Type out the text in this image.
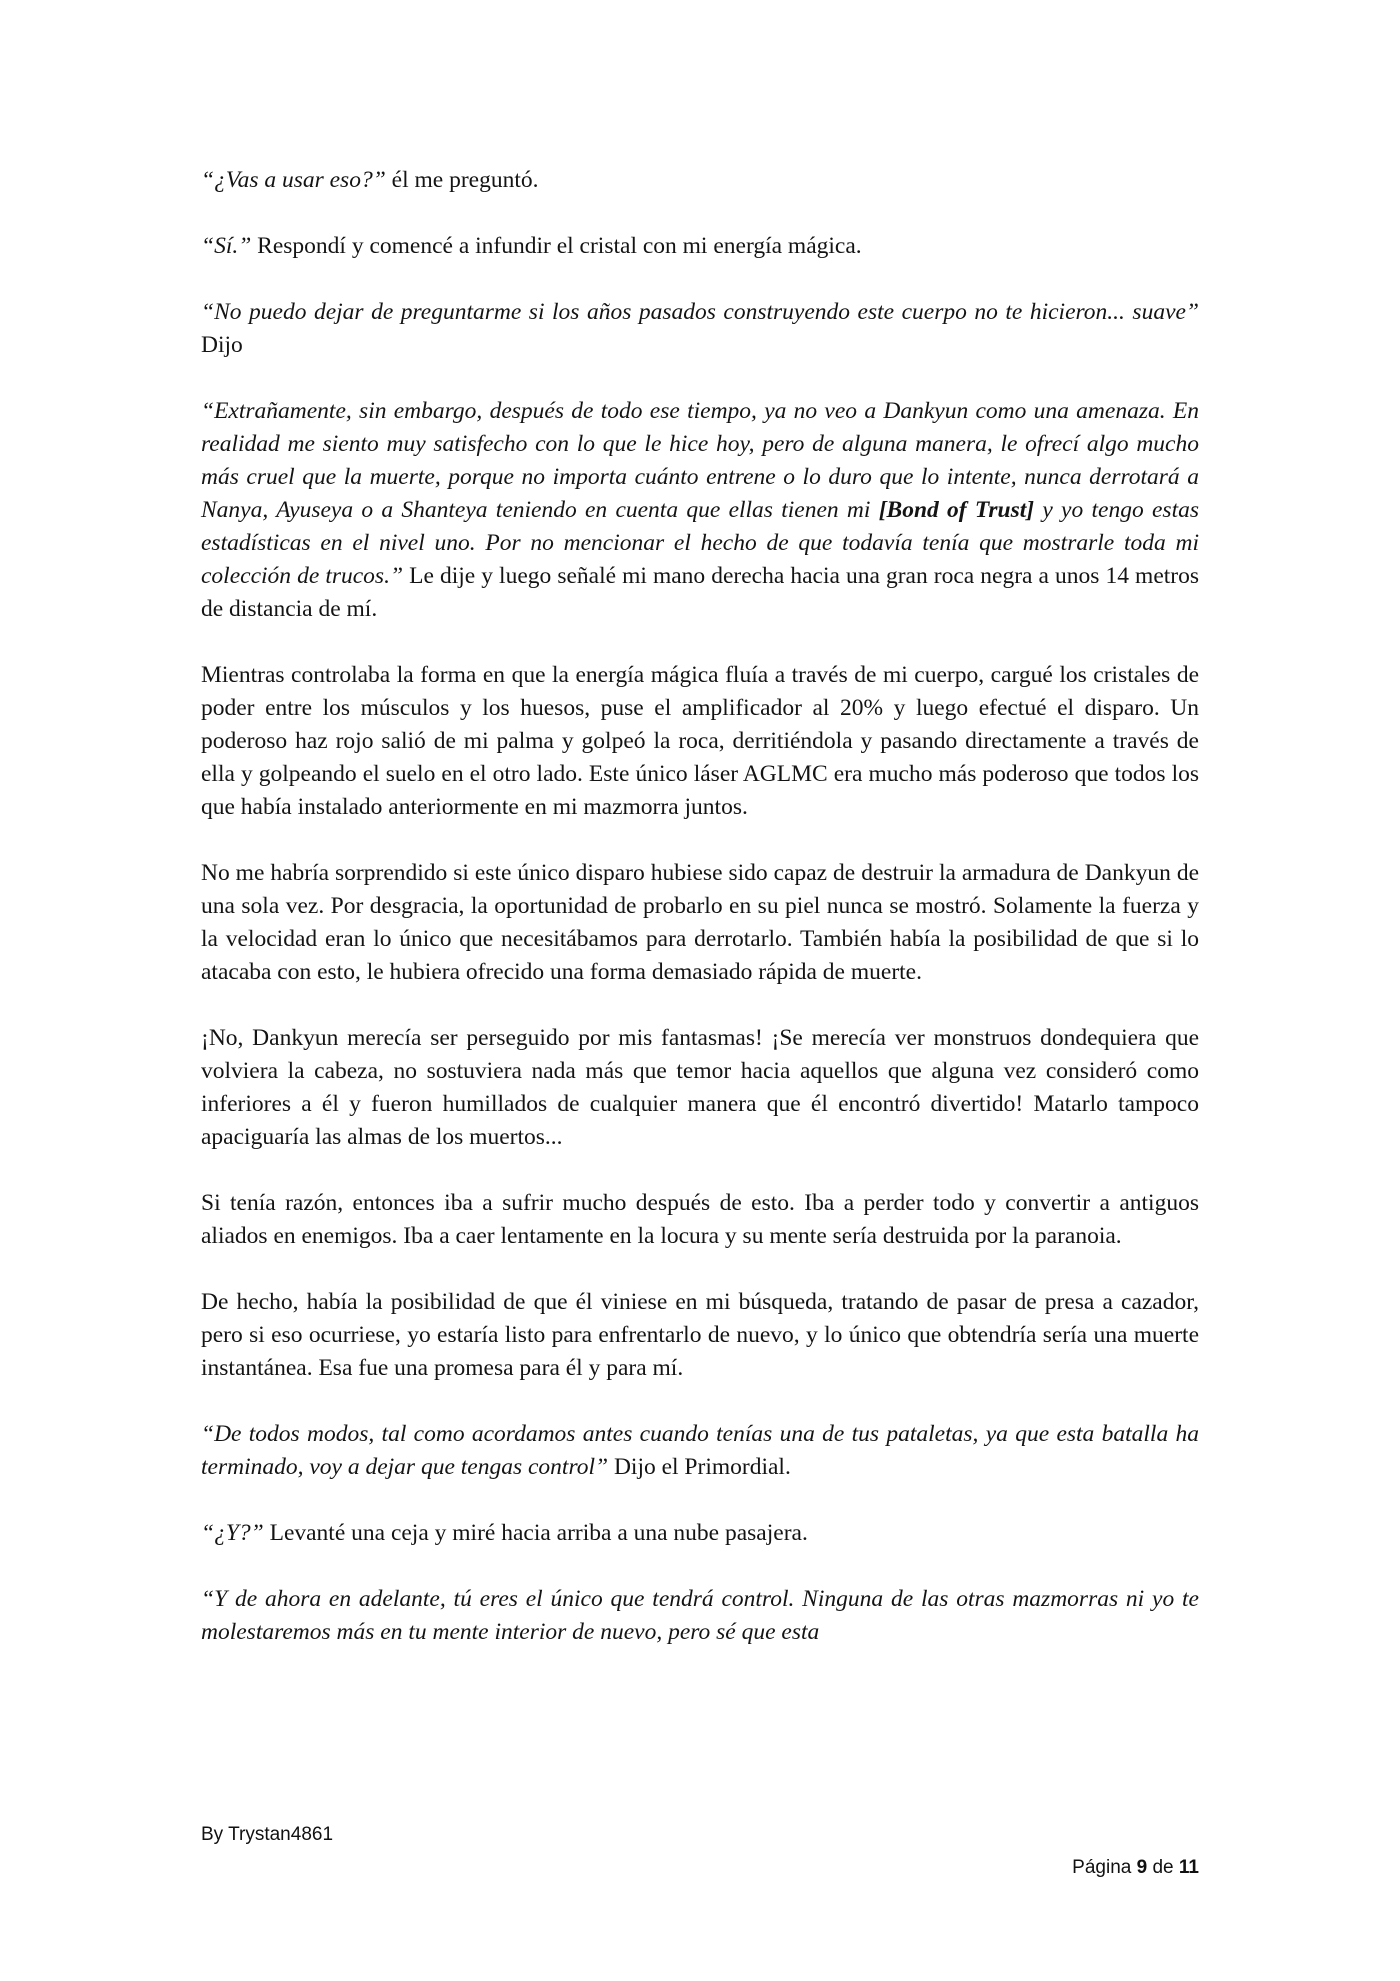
“¿Vas a usar eso?” él me preguntó.

“Sí.” Respondí y comencé a infundir el cristal con mi energía mágica.

“No puedo dejar de preguntarme si los años pasados construyendo este cuerpo no te hicieron... suave” Dijo

“Extrañamente, sin embargo, después de todo ese tiempo, ya no veo a Dankyun como una amenaza. En realidad me siento muy satisfecho con lo que le hice hoy, pero de alguna manera, le ofrecí algo mucho más cruel que la muerte, porque no importa cuánto entrene o lo duro que lo intente, nunca derrotará a Nanya, Ayuseya o a Shanteya teniendo en cuenta que ellas tienen mi [Bond of Trust] y yo tengo estas estadísticas en el nivel uno. Por no mencionar el hecho de que todavía tenía que mostrarle toda mi colección de trucos.” Le dije y luego señalé mi mano derecha hacia una gran roca negra a unos 14 metros de distancia de mí.

Mientras controlaba la forma en que la energía mágica fluía a través de mi cuerpo, cargué los cristales de poder entre los músculos y los huesos, puse el amplificador al 20% y luego efectué el disparo. Un poderoso haz rojo salió de mi palma y golpeó la roca, derritiéndola y pasando directamente a través de ella y golpeando el suelo en el otro lado. Este único láser AGLMC era mucho más poderoso que todos los que había instalado anteriormente en mi mazmorra juntos.

No me habría sorprendido si este único disparo hubiese sido capaz de destruir la armadura de Dankyun de una sola vez. Por desgracia, la oportunidad de probarlo en su piel nunca se mostró. Solamente la fuerza y la velocidad eran lo único que necesitábamos para derrotarlo. También había la posibilidad de que si lo atacaba con esto, le hubiera ofrecido una forma demasiado rápida de muerte.

¡No, Dankyun merecía ser perseguido por mis fantasmas! ¡Se merecía ver monstruos dondequiera que volviera la cabeza, no sostuviera nada más que temor hacia aquellos que alguna vez consideró como inferiores a él y fueron humillados de cualquier manera que él encontró divertido! Matarlo tampoco apaciguaría las almas de los muertos...

Si tenía razón, entonces iba a sufrir mucho después de esto. Iba a perder todo y convertir a antiguos aliados en enemigos. Iba a caer lentamente en la locura y su mente sería destruida por la paranoia.

De hecho, había la posibilidad de que él viniese en mi búsqueda, tratando de pasar de presa a cazador, pero si eso ocurriese, yo estaría listo para enfrentarlo de nuevo, y lo único que obtendría sería una muerte instantánea. Esa fue una promesa para él y para mí.

“De todos modos, tal como acordamos antes cuando tenías una de tus pataletas, ya que esta batalla ha terminado, voy a dejar que tengas control” Dijo el Primordial.

“¿Y?” Levanté una ceja y miré hacia arriba a una nube pasajera.

“Y de ahora en adelante, tú eres el único que tendrá control. Ninguna de las otras mazmorras ni yo te molestaremos más en tu mente interior de nuevo, pero sé que esta

By Trystan4861
Página 9 de 11
